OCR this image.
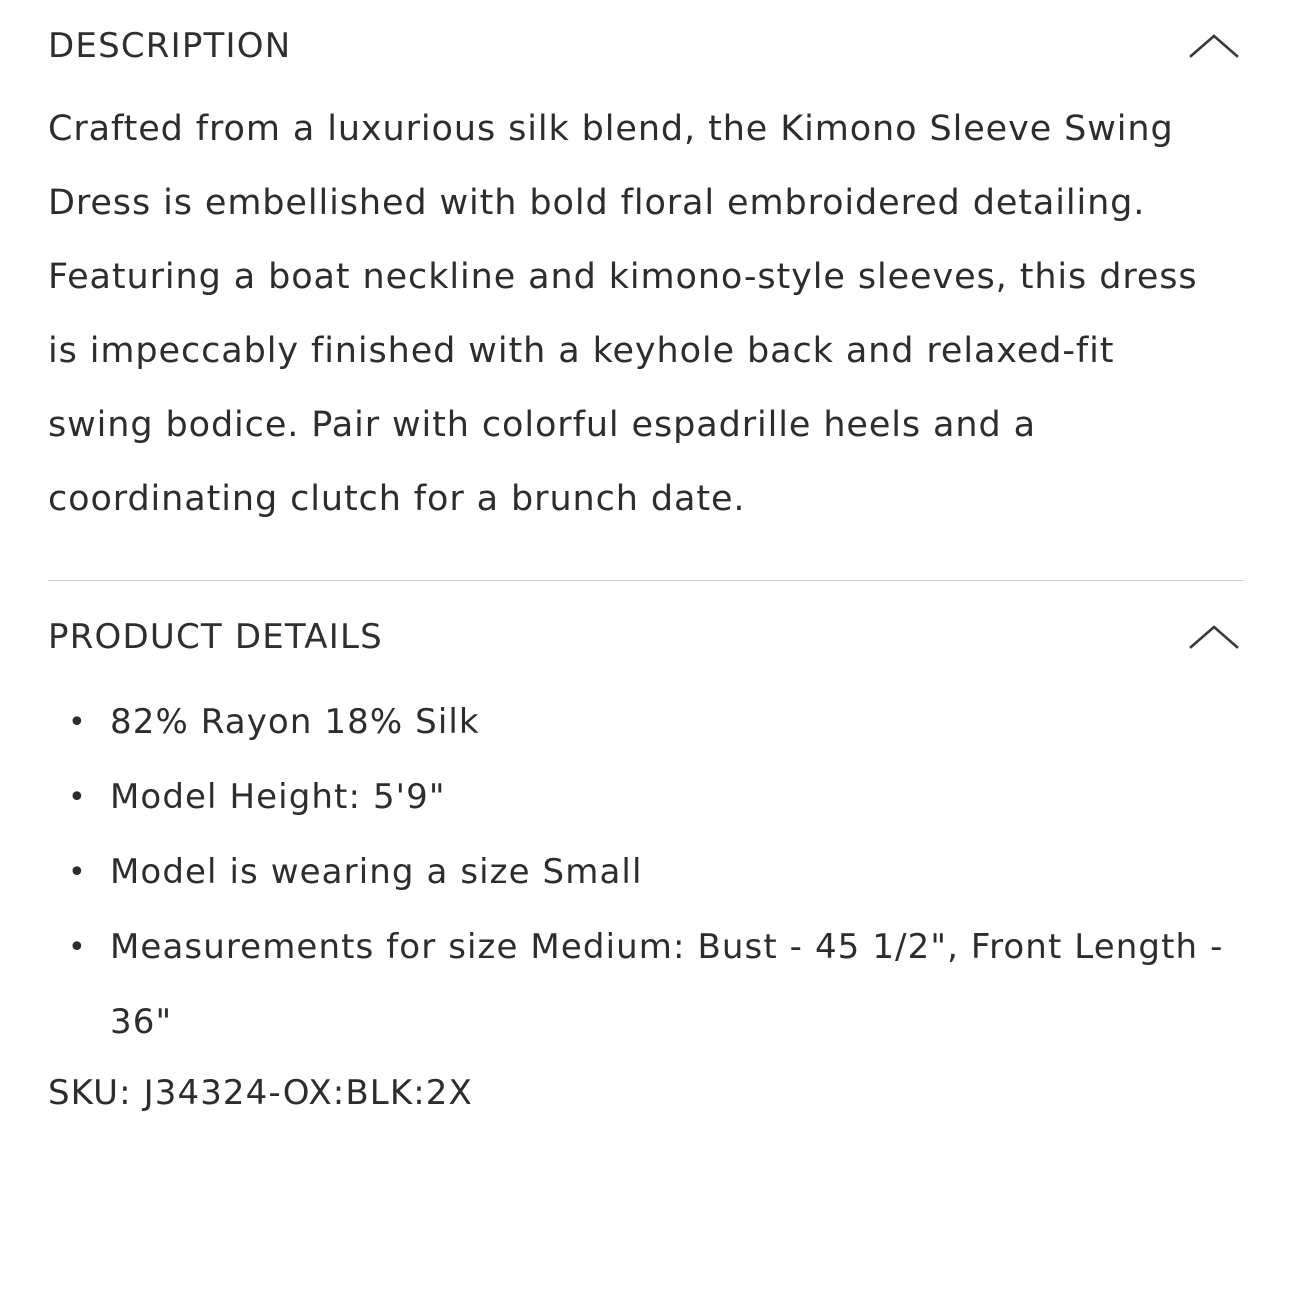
DESCRIPTION
Crafted from a luxurious silk blend, the Kimono Sleeve Swing Dress is embellished with bold floral embroidered detailing. Featuring a boat neckline and kimono-style sleeves, this dress is impeccably finished with a keyhole back and relaxed-fit swing bodice. Pair with colorful espadrille heels and a coordinating clutch for a brunch date.
PRODUCT DETAILS
• 82% Rayon 18% Silk
• Model Height: 5'9"
• Model is wearing a size Small
• Measurements for size Medium: Bust - 45 1/2", Front Length - 36"
SKU: J34324-OX:BLK:2X
